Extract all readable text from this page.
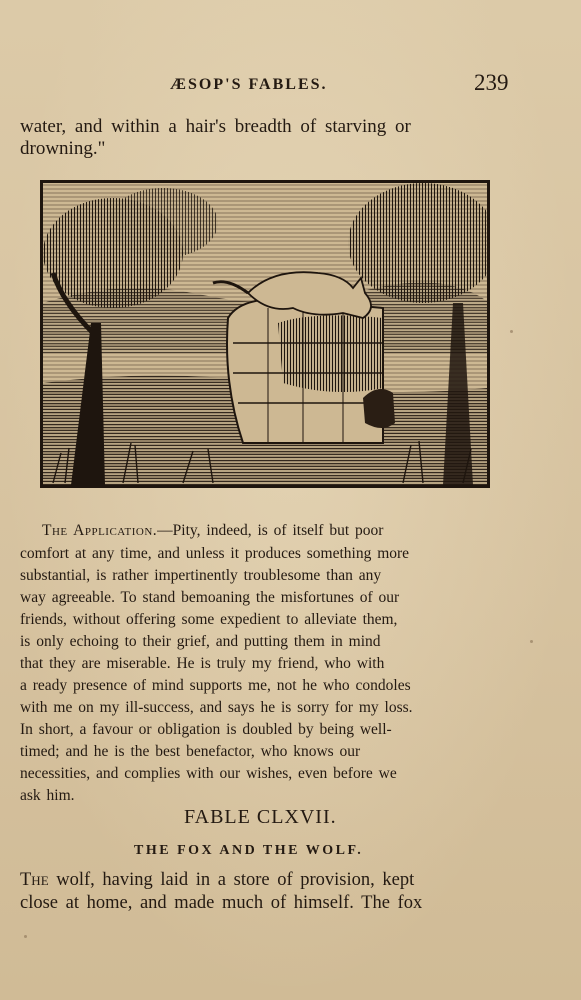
ÆSOP'S FABLES.	239
water, and within a hair's breadth of starving or
drowning."
The Application.—Pity, indeed, is of itself but poor
comfort at any time, and unless it produces something more
substantial, is rather impertinently troublesome than any
way agreeable. To stand bemoaning the misfortunes of our
friends, without offering some expedient to alleviate them,
is only echoing to their grief, and putting them in mind
that they are miserable. He is truly my friend, who with
a ready presence of mind supports me, not he who condoles
with me on my ill-success, and says he is sorry for my loss.
In short, a favour or obligation is doubled by being well-
timed; and he is the best benefactor, who knows our
necessities, and complies with our wishes, even before we
ask him.
FABLE CLXVII.
THE FOX AND THE WOLF.
The wolf, having laid in a store of provision, kept
close at home, and made much of himself. The fox
